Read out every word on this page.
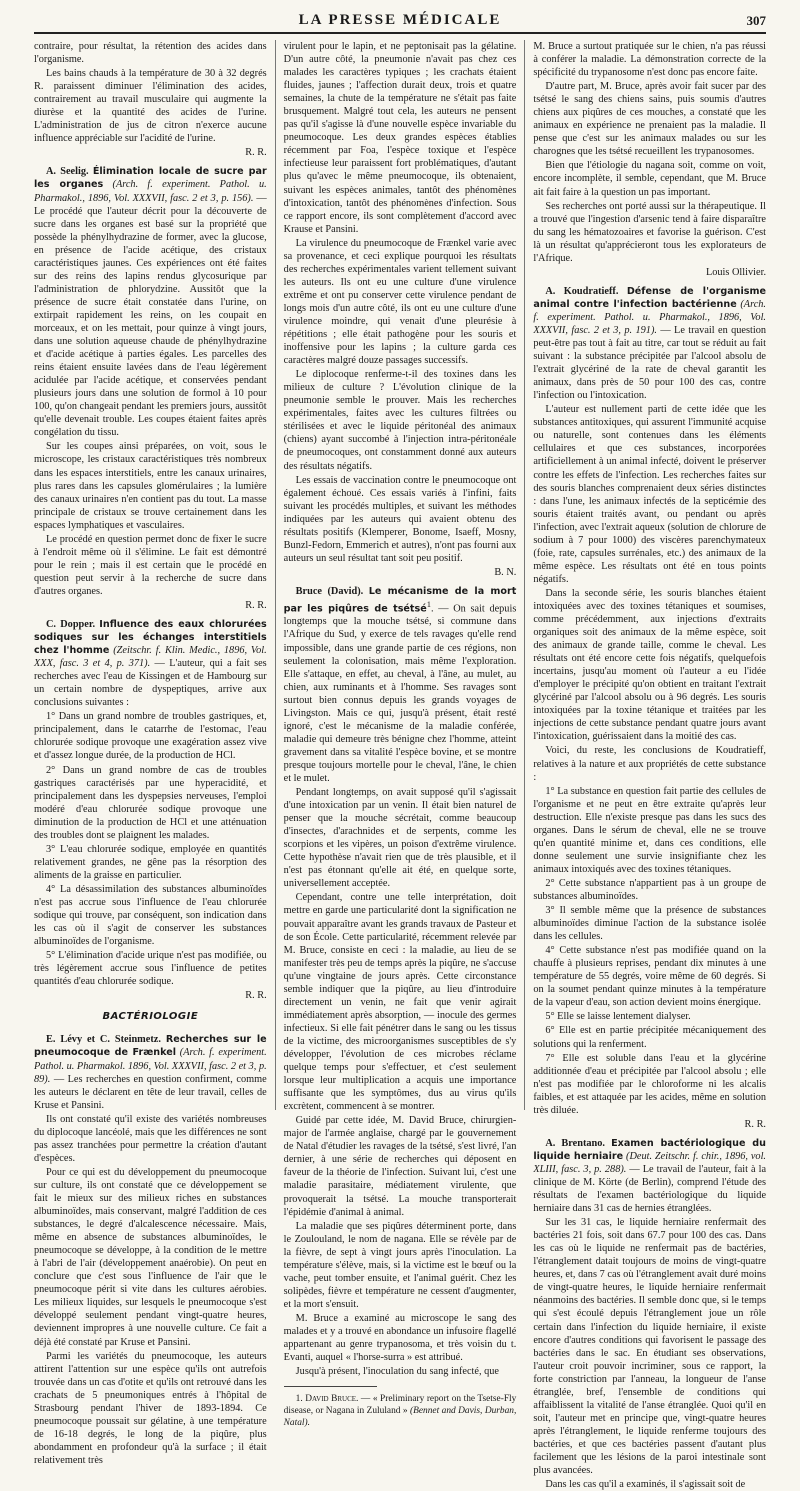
LA PRESSE MÉDICALE	307

contraire, pour résultat, la rétention des acides dans l'organisme.

Les bains chauds à la température de 30 à 32 degrés R. paraissent diminuer l'élimination des acides, contrairement au travail musculaire qui augmente la diurèse et la quantité des acides de l'urine. L'administration de jus de citron n'exerce aucune influence appréciable sur l'acidité de l'urine.

R. R.

A. Seelig. Élimination locale de sucre par les organes (Arch. f. experiment. Pathol. u. Pharmakol., 1896, Vol. XXXVII, fasc. 2 et 3, p. 156). — Le procédé que l'auteur décrit pour la découverte de sucre dans les organes est basé sur la propriété que possède la phénylhydrazine de former, avec la glucose, en présence de l'acide acétique, des cristaux caractéristiques jaunes. Ces expériences ont été faites sur des reins des lapins rendus glycosurique par l'administration de phlorydzine. Aussitôt que la présence de sucre était constatée dans l'urine, on extirpait rapidement les reins, on les coupait en morceaux, et on les mettait, pour quinze à vingt jours, dans une solution aqueuse chaude de phénylhydrazine et d'acide acétique à parties égales. Les parcelles des reins étaient ensuite lavées dans de l'eau légèrement acidulée par l'acide acétique, et conservées pendant plusieurs jours dans une solution de formol à 10 pour 100, qu'on changeait pendant les premiers jours, aussitôt qu'elle devenait trouble. Les coupes étaient faites après congélation du tissu.

Sur les coupes ainsi préparées, on voit, sous le microscope, les cristaux caractéristiques très nombreux dans les espaces interstitiels, entre les canaux urinaires, plus rares dans les capsules glomérulaires ; la lumière des canaux urinaires n'en contient pas du tout. La masse principale de cristaux se trouve certainement dans les espaces lymphatiques et vasculaires.

Le procédé en question permet donc de fixer le sucre à l'endroit même où il s'élimine. Le fait est démontré pour le rein ; mais il est certain que le procédé en question peut servir à la recherche de sucre dans d'autres organes.

R. R.

C. Dopper. Influence des eaux chlorurées sodiques sur les échanges interstitiels chez l'homme (Zeitschr. f. Klin. Medic., 1896, Vol. XXX, fasc. 3 et 4, p. 371). — L'auteur, qui a fait ses recherches avec l'eau de Kissingen et de Hambourg sur un certain nombre de dyspeptiques, arrive aux conclusions suivantes :

1° Dans un grand nombre de troubles gastriques, et, principalement, dans le catarrhe de l'estomac, l'eau chlorurée sodique provoque une exagération assez vive et d'assez longue durée, de la production de HCl.

2° Dans un grand nombre de cas de troubles gastriques caractérisés par une hyperacidité, et principalement dans les dyspepsies nerveuses, l'emploi modéré d'eau chlorurée sodique provoque une diminution de la production de HCl et une atténuation des troubles dont se plaignent les malades.

3° L'eau chlorurée sodique, employée en quantités relativement grandes, ne gêne pas la résorption des aliments de la graisse en particulier.

4° La désassimilation des substances albuminoïdes n'est pas accrue sous l'influence de l'eau chlorurée sodique qui trouve, par conséquent, son indication dans les cas où il s'agit de conserver les substances albuminoïdes de l'organisme.

5° L'élimination d'acide urique n'est pas modifiée, ou très légèrement accrue sous l'influence de petites quantités d'eau chlorurée sodique.

R. R.
BACTÉRIOLOGIE

E. Lévy et C. Steinmetz. Recherches sur le pneumocoque de Frænkel (Arch. f. experiment. Pathol. u. Pharmakol. 1896, Vol. XXXVII, fasc. 2 et 3, p. 89). — Les recherches en question confirment, comme les auteurs le déclarent en tête de leur travail, celles de Kruse et Pansini.

Ils ont constaté qu'il existe des variétés nombreuses du diplocoque lancéolé, mais que les différences ne sont pas assez tranchées pour permettre la création d'autant d'espèces.

Pour ce qui est du développement du pneumocoque sur culture, ils ont constaté que ce développement se fait le mieux sur des milieux riches en substances albuminoïdes, mais conservant, malgré l'addition de ces substances, le degré d'alcalescence nécessaire. Mais, même en absence de substances albuminoïdes, le pneumocoque se développe, à la condition de le mettre à l'abri de l'air (développement anaérobie). On peut en conclure que c'est sous l'influence de l'air que le pneumocoque périt si vite dans les cultures aérobies. Les milieux liquides, sur lesquels le pneumocoque s'est développé seulement pendant vingt-quatre heures, deviennent impropres à une nouvelle culture. Ce fait a déjà été constaté par Kruse et Pansini.

Parmi les variétés du pneumocoque, les auteurs attirent l'attention sur une espèce qu'ils ont autrefois trouvée dans un cas d'otite et qu'ils ont retrouvé dans les crachats de 5 pneumoniques entrés à l'hôpital de Strasbourg pendant l'hiver de 1893-1894. Ce pneumocoque poussait sur gélatine, à une température de 16-18 degrés, le long de la piqûre, plus abondamment en profondeur qu'à la surface ; il était relativement très

virulent pour le lapin, et ne peptonisait pas la gélatine. D'un autre côté, la pneumonie n'avait pas chez ces malades les caractères typiques ; les crachats étaient fluides, jaunes ; l'affection durait deux, trois et quatre semaines, la chute de la température ne s'était pas faite brusquement. Malgré tout cela, les auteurs ne pensent pas qu'il s'agisse là d'une nouvelle espèce invariable du pneumocoque. Les deux grandes espèces établies récemment par Foa, l'espèce toxique et l'espèce infectieuse leur paraissent fort problématiques, d'autant plus qu'avec le même pneumocoque, ils obtenaient, suivant les espèces animales, tantôt des phénomènes d'intoxication, tantôt des phénomènes d'infection. Sous ce rapport encore, ils sont complètement d'accord avec Krause et Pansini.

La virulence du pneumocoque de Frænkel varie avec sa provenance, et ceci explique pourquoi les résultats des recherches expérimentales varient tellement suivant les auteurs. Ils ont eu une culture d'une virulence extrême et ont pu conserver cette virulence pendant de longs mois d'un autre côté, ils ont eu une culture d'une virulence moindre, qui venait d'une pleurésie à répétitions ; elle était pathogène pour les souris et inoffensive pour les lapins ; la culture garda ces caractères malgré douze passages successifs.

Le diplocoque renferme-t-il des toxines dans les milieux de culture ? L'évolution clinique de la pneumonie semble le prouver. Mais les recherches expérimentales, faites avec les cultures filtrées ou stérilisées et avec le liquide péritonéal des animaux (chiens) ayant succombé à l'injection intra-péritonéale de pneumocoques, ont constamment donné aux auteurs des résultats négatifs.

Les essais de vaccination contre le pneumocoque ont également échoué. Ces essais variés à l'infini, faits suivant les procédés multiples, et suivant les méthodes indiquées par les auteurs qui avaient obtenu des résultats positifs (Klemperer, Bonome, Isaeff, Mosny, Bunzl-Fedorn, Emmerich et autres), n'ont pas fourni aux auteurs un seul résultat tant soit peu positif.

B. N.

Bruce (David). Le mécanisme de la mort par les piqûres de tsétsé$^1$. — On sait depuis longtemps que la mouche tsétsé, si commune dans l'Afrique du Sud, y exerce de tels ravages qu'elle rend impossible, dans une grande partie de ces régions, non seulement la colonisation, mais même l'exploration. Elle s'attaque, en effet, au cheval, à l'âne, au mulet, au chien, aux ruminants et à l'homme. Ses ravages sont surtout bien connus depuis les grands voyages de Livingston. Mais ce qui, jusqu'à présent, était resté ignoré, c'est le mécanisme de la maladie conférée, maladie qui demeure très bénigne chez l'homme, atteint gravement dans sa vitalité l'espèce bovine, et se montre presque toujours mortelle pour le cheval, l'âne, le chien et le mulet.

Pendant longtemps, on avait supposé qu'il s'agissait d'une intoxication par un venin. Il était bien naturel de penser que la mouche sécrétait, comme beaucoup d'insectes, d'arachnides et de serpents, comme les scorpions et les vipères, un poison d'extrême virulence. Cette hypothèse n'avait rien que de très plausible, et il n'est pas étonnant qu'elle ait été, en quelque sorte, universellement acceptée.

Cependant, contre une telle interprétation, doit mettre en garde une particularité dont la signification ne pouvait apparaître avant les grands travaux de Pasteur et de son École. Cette particularité, récemment relevée par M. Bruce, consiste en ceci : la maladie, au lieu de se manifester très peu de temps après la piqûre, ne s'accuse qu'une vingtaine de jours après. Cette circonstance semble indiquer que la piqûre, au lieu d'introduire directement un venin, ne fait que venir agirait immédiatement après absorption, — inocule des germes infectieux. Si elle fait pénétrer dans le sang ou les tissus de la victime, des microorganismes susceptibles de s'y développer, l'évolution de ces microbes réclame quelque temps pour s'effectuer, et c'est seulement lorsque leur multiplication a acquis une importance suffisante que les symptômes, dus au virus qu'ils excrètent, commencent à se montrer.

Guidé par cette idée, M. David Bruce, chirurgien-major de l'armée anglaise, chargé par le gouvernement de Natal d'étudier les ravages de la tsétsé, s'est livré, l'an dernier, à une série de recherches qui déposent en faveur de la théorie de l'infection. Suivant lui, c'est une maladie parasitaire, médiatement virulente, que provoquerait la tsétsé. La mouche transporterait l'épidémie d'animal à animal.

La maladie que ses piqûres déterminent porte, dans le Zoulouland, le nom de nagana. Elle se révèle par de la fièvre, de sept à vingt jours après l'inoculation. La température s'élève, mais, si la victime est le bœuf ou la vache, peut tomber ensuite, et l'animal guérit. Chez les solipèdes, fièvre et température ne cessent d'augmenter, et la mort s'ensuit.

M. Bruce a examiné au microscope le sang des malades et y a trouvé en abondance un infusoire flagellé appartenant au genre trypanosoma, et très voisin du t. Evanti, auquel « l'horse-surra » est attribué.

Jusqu'à présent, l'inoculation du sang infecté, que

1. David Bruce. — « Preliminary report on the Tsetse-Fly disease, or Nagana in Zululand » (Bennet and Davis, Durban, Natal).

M. Bruce a surtout pratiquée sur le chien, n'a pas réussi à conférer la maladie. La démonstration correcte de la spécificité du trypanosome n'est donc pas encore faite.

D'autre part, M. Bruce, après avoir fait sucer par des tsétsé le sang des chiens sains, puis soumis d'autres chiens aux piqûres de ces mouches, a constaté que les animaux en expérience ne prenaient pas la maladie. Il pense que c'est sur les animaux malades ou sur les charognes que les tsétsé recueillent les trypanosomes.

Bien que l'étiologie du nagana soit, comme on voit, encore incomplète, il semble, cependant, que M. Bruce ait fait faire à la question un pas important.

Ses recherches ont porté aussi sur la thérapeutique. Il a trouvé que l'ingestion d'arsenic tend à faire disparaître du sang les hématozoaires et favorise la guérison. C'est là un résultat qu'apprécieront tous les explorateurs de l'Afrique.

Louis Ollivier.

A. Koudratieff. Défense de l'organisme animal contre l'infection bactérienne (Arch. f. experiment. Pathol. u. Pharmakol., 1896, Vol. XXXVII, fasc. 2 et 3, p. 191). — Le travail en question peut-être pas tout à fait au titre, car tout se réduit au fait suivant : la substance précipitée par l'alcool absolu de l'extrait glycériné de la rate de cheval garantit les animaux, dans près de 50 pour 100 des cas, contre l'infection ou l'intoxication.

L'auteur est nullement parti de cette idée que les substances antitoxiques, qui assurent l'immunité acquise ou naturelle, sont contenues dans les éléments cellulaires et que ces substances, incorporées artificiellement à un animal infecté, doivent le préserver contre les effets de l'infection. Les recherches faites sur des souris blanches comprenaient deux séries distinctes : dans l'une, les animaux infectés de la septicémie des souris étaient traités avant, ou pendant ou après l'infection, avec l'extrait aqueux (solution de chlorure de sodium à 7 pour 1000) des viscères parenchymateux (foie, rate, capsules surrénales, etc.) des animaux de la même espèce. Les résultats ont été en tous points négatifs.

Dans la seconde série, les souris blanches étaient intoxiquées avec des toxines tétaniques et soumises, comme précédemment, aux injections d'extraits organiques soit des animaux de la même espèce, soit des animaux de grande taille, comme le cheval. Les résultats ont été encore cette fois négatifs, quelquefois incertains, jusqu'au moment où l'auteur a eu l'idée d'employer le précipité qu'on obtient en traitant l'extrait glycériné par l'alcool absolu ou à 96 degrés. Les souris intoxiquées par la toxine tétanique et traitées par les injections de cette substance pendant quatre jours avant l'intoxication, guérissaient dans la moitié des cas.

Voici, du reste, les conclusions de Koudratieff, relatives à la nature et aux propriétés de cette substance :

1° La substance en question fait partie des cellules de l'organisme et ne peut en être extraite qu'après leur destruction. Elle n'existe presque pas dans les sucs des organes. Dans le sérum de cheval, elle ne se trouve qu'en quantité minime et, dans ces conditions, elle donne seulement une survie insignifiante chez les animaux intoxiqués avec des toxines tétaniques.

2° Cette substance n'appartient pas à un groupe de substances albuminoïdes.

3° Il semble même que la présence de substances albuminoïdes diminue l'action de la substance isolée dans les cellules.

4° Cette substance n'est pas modifiée quand on la chauffe à plusieurs reprises, pendant dix minutes à une température de 55 degrés, voire même de 60 degrés. Si on la soumet pendant quinze minutes à la température de la vapeur d'eau, son action devient moins énergique.

5° Elle se laisse lentement dialyser.

6° Elle est en partie précipitée mécaniquement des solutions qui la renferment.

7° Elle est soluble dans l'eau et la glycérine additionnée d'eau et précipitée par l'alcool absolu ; elle n'est pas modifiée par le chloroforme ni les alcalis faibles, et est attaquée par les acides, même en solution très diluée.

R. R.

A. Brentano. Examen bactériologique du liquide herniaire (Deut. Zeitschr. f. chir., 1896, vol. XLIII, fasc. 3, p. 288). — Le travail de l'auteur, fait à la clinique de M. Körte (de Berlin), comprend l'étude des résultats de l'examen bactériologique du liquide herniaire dans 31 cas de hernies étranglées.

Sur les 31 cas, le liquide herniaire renfermait des bactéries 21 fois, soit dans 67.7 pour 100 des cas. Dans les cas où le liquide ne renfermait pas de bactéries, l'étranglement datait toujours de moins de vingt-quatre heures, et, dans 7 cas où l'étranglement avait duré moins de vingt-quatre heures, le liquide herniaire renfermait néanmoins des bactéries. Il semble donc que, si le temps qui s'est écoulé depuis l'étranglement joue un rôle certain dans l'infection du liquide herniaire, il existe encore d'autres conditions qui favorisent le passage des bactéries dans le sac. En étudiant ses observations, l'auteur croit pouvoir incriminer, sous ce rapport, la forte constriction par l'anneau, la longueur de l'anse étranglée, bref, l'ensemble de conditions qui affaiblissent la vitalité de l'anse étranglée. Quoi qu'il en soit, l'auteur met en principe que, vingt-quatre heures après l'étranglement, le liquide renferme toujours des bactéries, et que ces bactéries passent d'autant plus facilement que les lésions de la paroi intestinale sont plus avancées.

Dans les cas qu'il a examinés, il s'agissait soit de
